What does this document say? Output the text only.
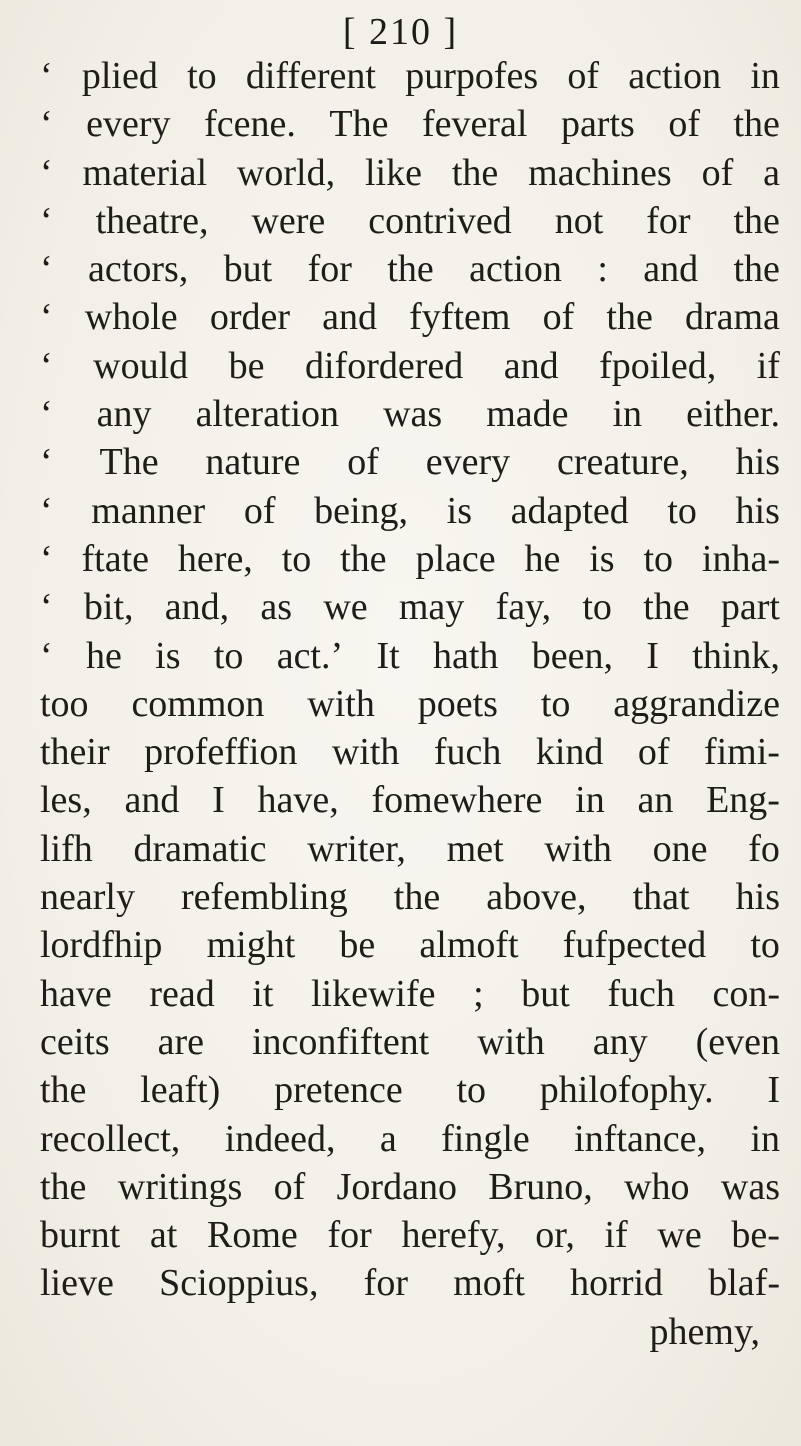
[ 210 ]
‘ plied to different purpofes of action in
‘ every fcene. The feveral parts of the
‘ material world, like the machines of a
‘ theatre, were contrived not for the
‘ actors, but for the action : and the
‘ whole order and fyftem of the drama
‘ would be difordered and fpoiled, if
‘ any alteration was made in either.
‘ The nature of every creature, his
‘ manner of being, is adapted to his
‘ ftate here, to the place he is to inha-
‘ bit, and, as we may fay, to the part
‘ he is to act.’ It hath been, I think,
too common with poets to aggrandize
their profeffion with fuch kind of fimi-
les, and I have, fomewhere in an Eng-
lifh dramatic writer, met with one fo
nearly refembling the above, that his
lordfhip might be almoft fufpected to
have read it likewife ; but fuch con-
ceits are inconfiftent with any (even
the leaft) pretence to philofophy. I
recollect, indeed, a fingle inftance, in
the writings of Jordano Bruno, who was
burnt at Rome for herefy, or, if we be-
lieve Scioppius, for moft horrid blaf-
phemy,
